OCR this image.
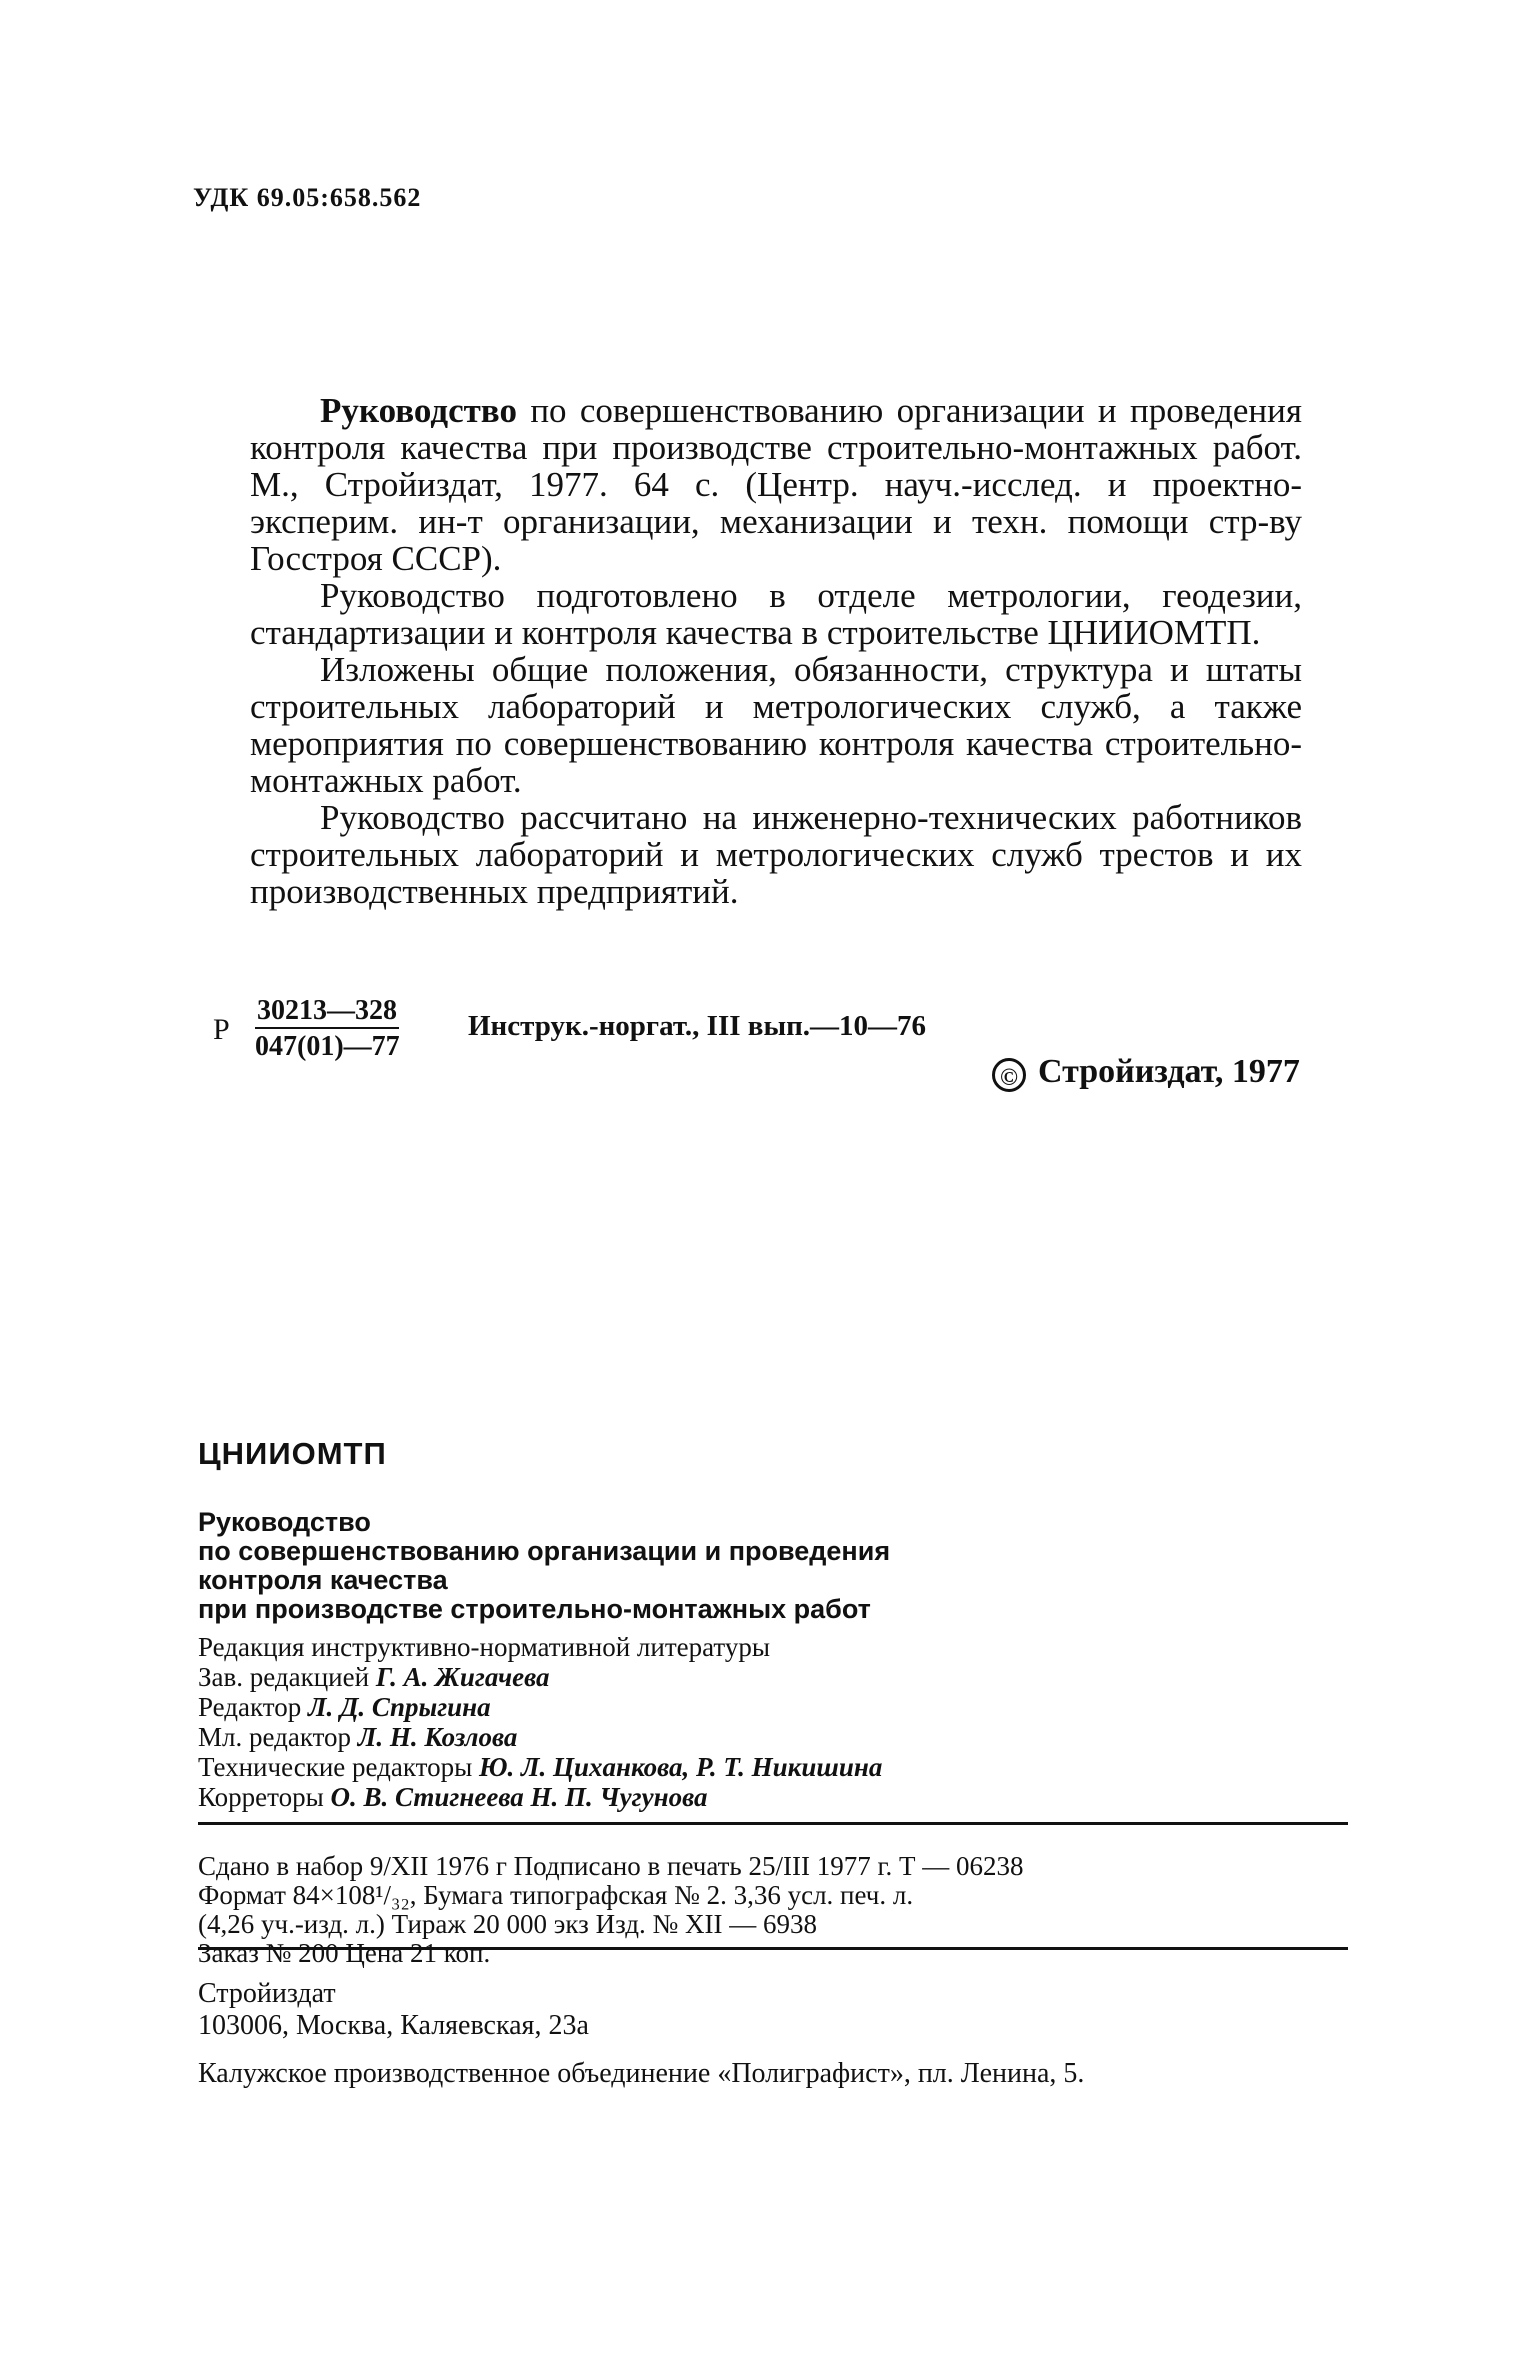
УДК 69.05:658.562

Руководство по совершенствованию организации и проведения контроля качества при производстве строительно-монтажных работ. М., Стройиздат, 1977. 64 с. (Центр. науч.-исслед. и проектно-эксперим. ин-т организации, механизации и техн. помощи стр-ву Госстроя СССР).

Руководство подготовлено в отделе метрологии, геодезии, стандартизации и контроля качества в строительстве ЦНИИОМТП.

Изложены общие положения, обязанности, структура и штаты строительных лабораторий и метрологических служб, а также мероприятия по совершенствованию контроля качества строительно-монтажных работ.

Руководство рассчитано на инженерно-технических работников строительных лабораторий и метрологических служб трестов и их производственных предприятий.

Р
30213—328
047(01)—77
Инструк.-норгат., III вып.—10—76
© Стройиздат, 1977
ЦНИИОМТП
Руководство
по совершенствованию организации и проведения
контроля качества
при производстве строительно-монтажных работ
Редакция инструктивно-нормативной литературы
Зав. редакцией Г. А. Жигачева
Редактор Л. Д. Спрыгина
Мл. редактор Л. Н. Козлова
Технические редакторы Ю. Л. Цихaнкова, Р. Т. Никишина
Корреторы О. В. Стигнеева Н. П. Чугунова
Сдано в набор 9/XII 1976 г Подписано в печать 25/III 1977 г. Т — 06238
Формат 84×108¹/₃₂, Бумага типографская № 2. 3,36 усл. печ. л.
(4,26 уч.-изд. л.) Тираж 20 000 экз Изд. № XII — 6938
Заказ № 200 Цена 21 коп.
Стройиздат
103006, Москва, Каляевская, 23а
Калужское производственное объединение «Полиграфист», пл. Ленина, 5.
